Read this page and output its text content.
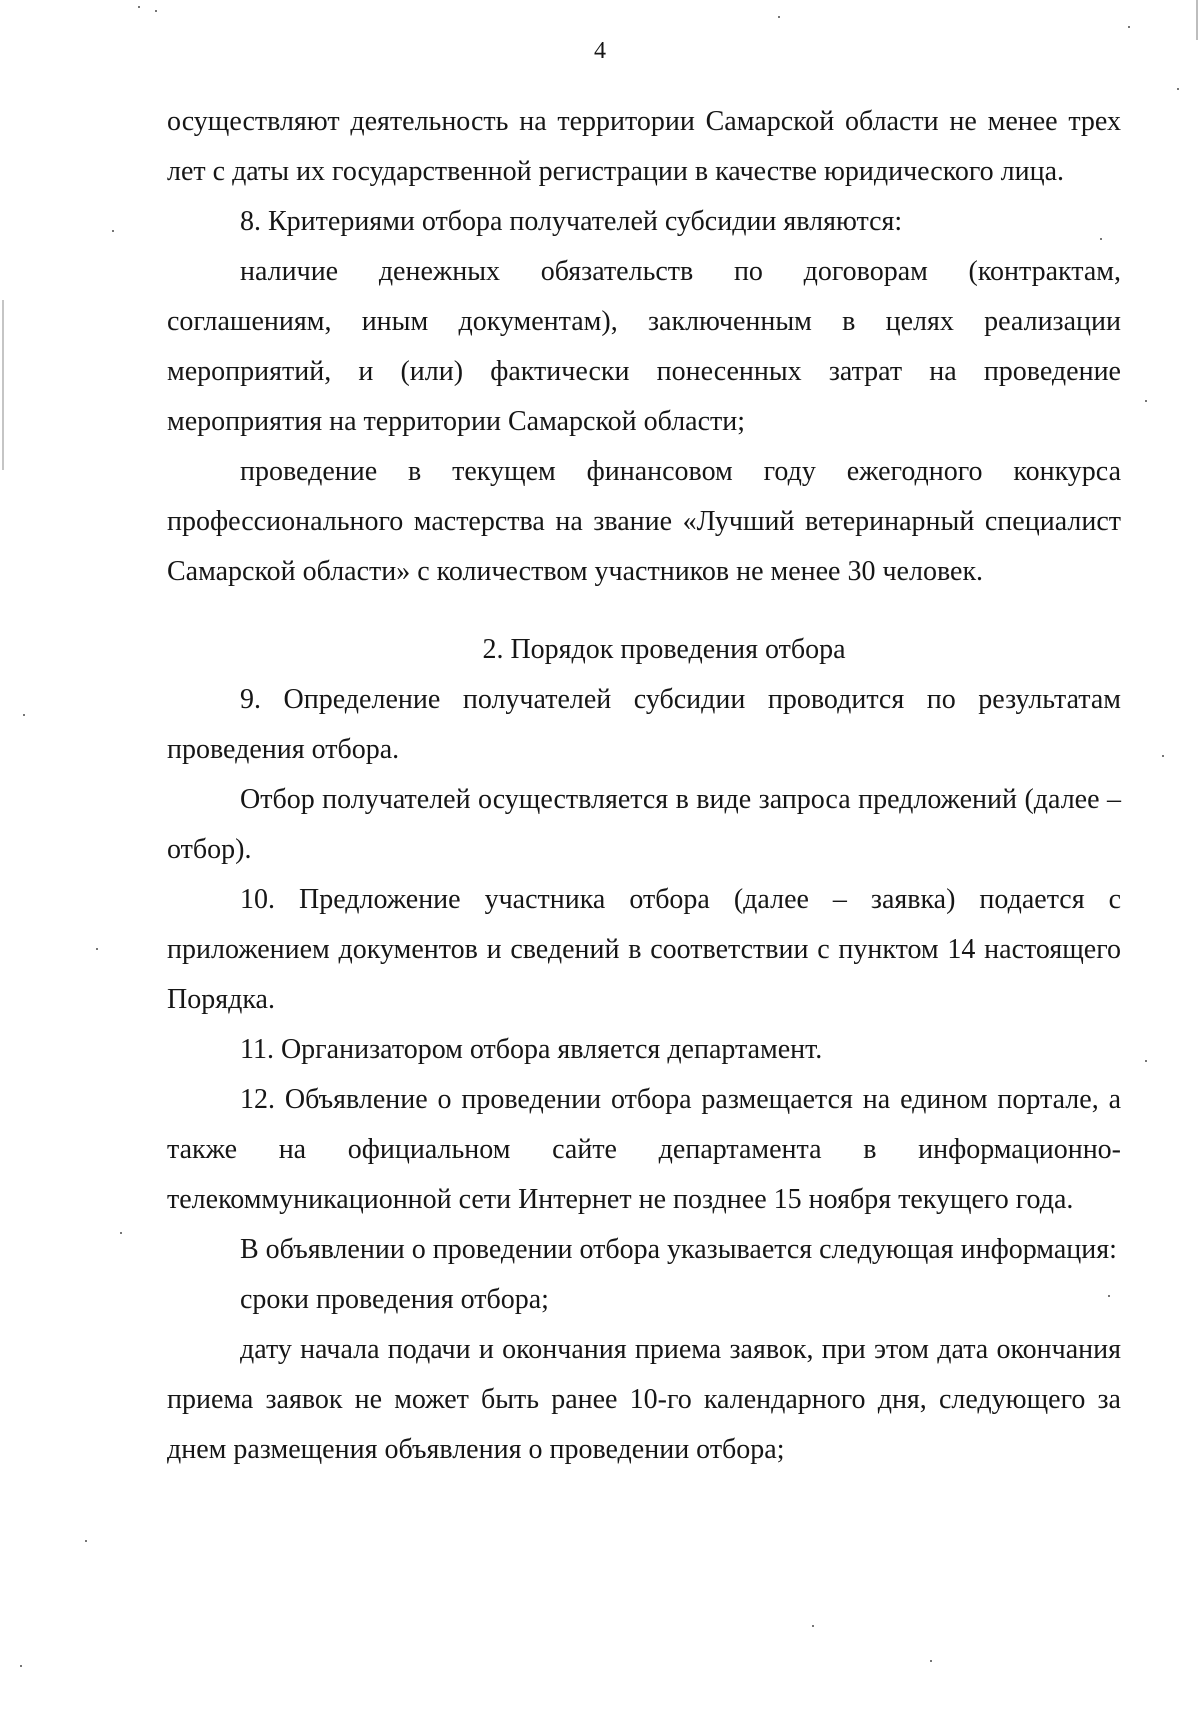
4

осуществляют деятельность на территории Самарской области не менее трех лет с даты их государственной регистрации в качестве юридического лица.

8. Критериями отбора получателей субсидии являются:

наличие денежных обязательств по договорам (контрактам, соглашениям, иным документам), заключенным в целях реализации мероприятий, и (или) фактически понесенных затрат на проведение мероприятия на территории Самарской области;

проведение в текущем финансовом году ежегодного конкурса профессионального мастерства на звание «Лучший ветеринарный специалист Самарской области» с количеством участников не менее 30 человек.

2. Порядок проведения отбора

9. Определение получателей субсидии проводится по результатам проведения отбора.

Отбор получателей осуществляется в виде запроса предложений (далее – отбор).

10. Предложение участника отбора (далее – заявка) подается с приложением документов и сведений в соответствии с пунктом 14 настоящего Порядка.

11. Организатором отбора является департамент.

12. Объявление о проведении отбора размещается на едином портале, а также на официальном сайте департамента в информационно-телекоммуникационной сети Интернет не позднее 15 ноября текущего года.

В объявлении о проведении отбора указывается следующая информация:

сроки проведения отбора;

дату начала подачи и окончания приема заявок, при этом дата окончания приема заявок не может быть ранее 10-го календарного дня, следующего за днем размещения объявления о проведении отбора;
